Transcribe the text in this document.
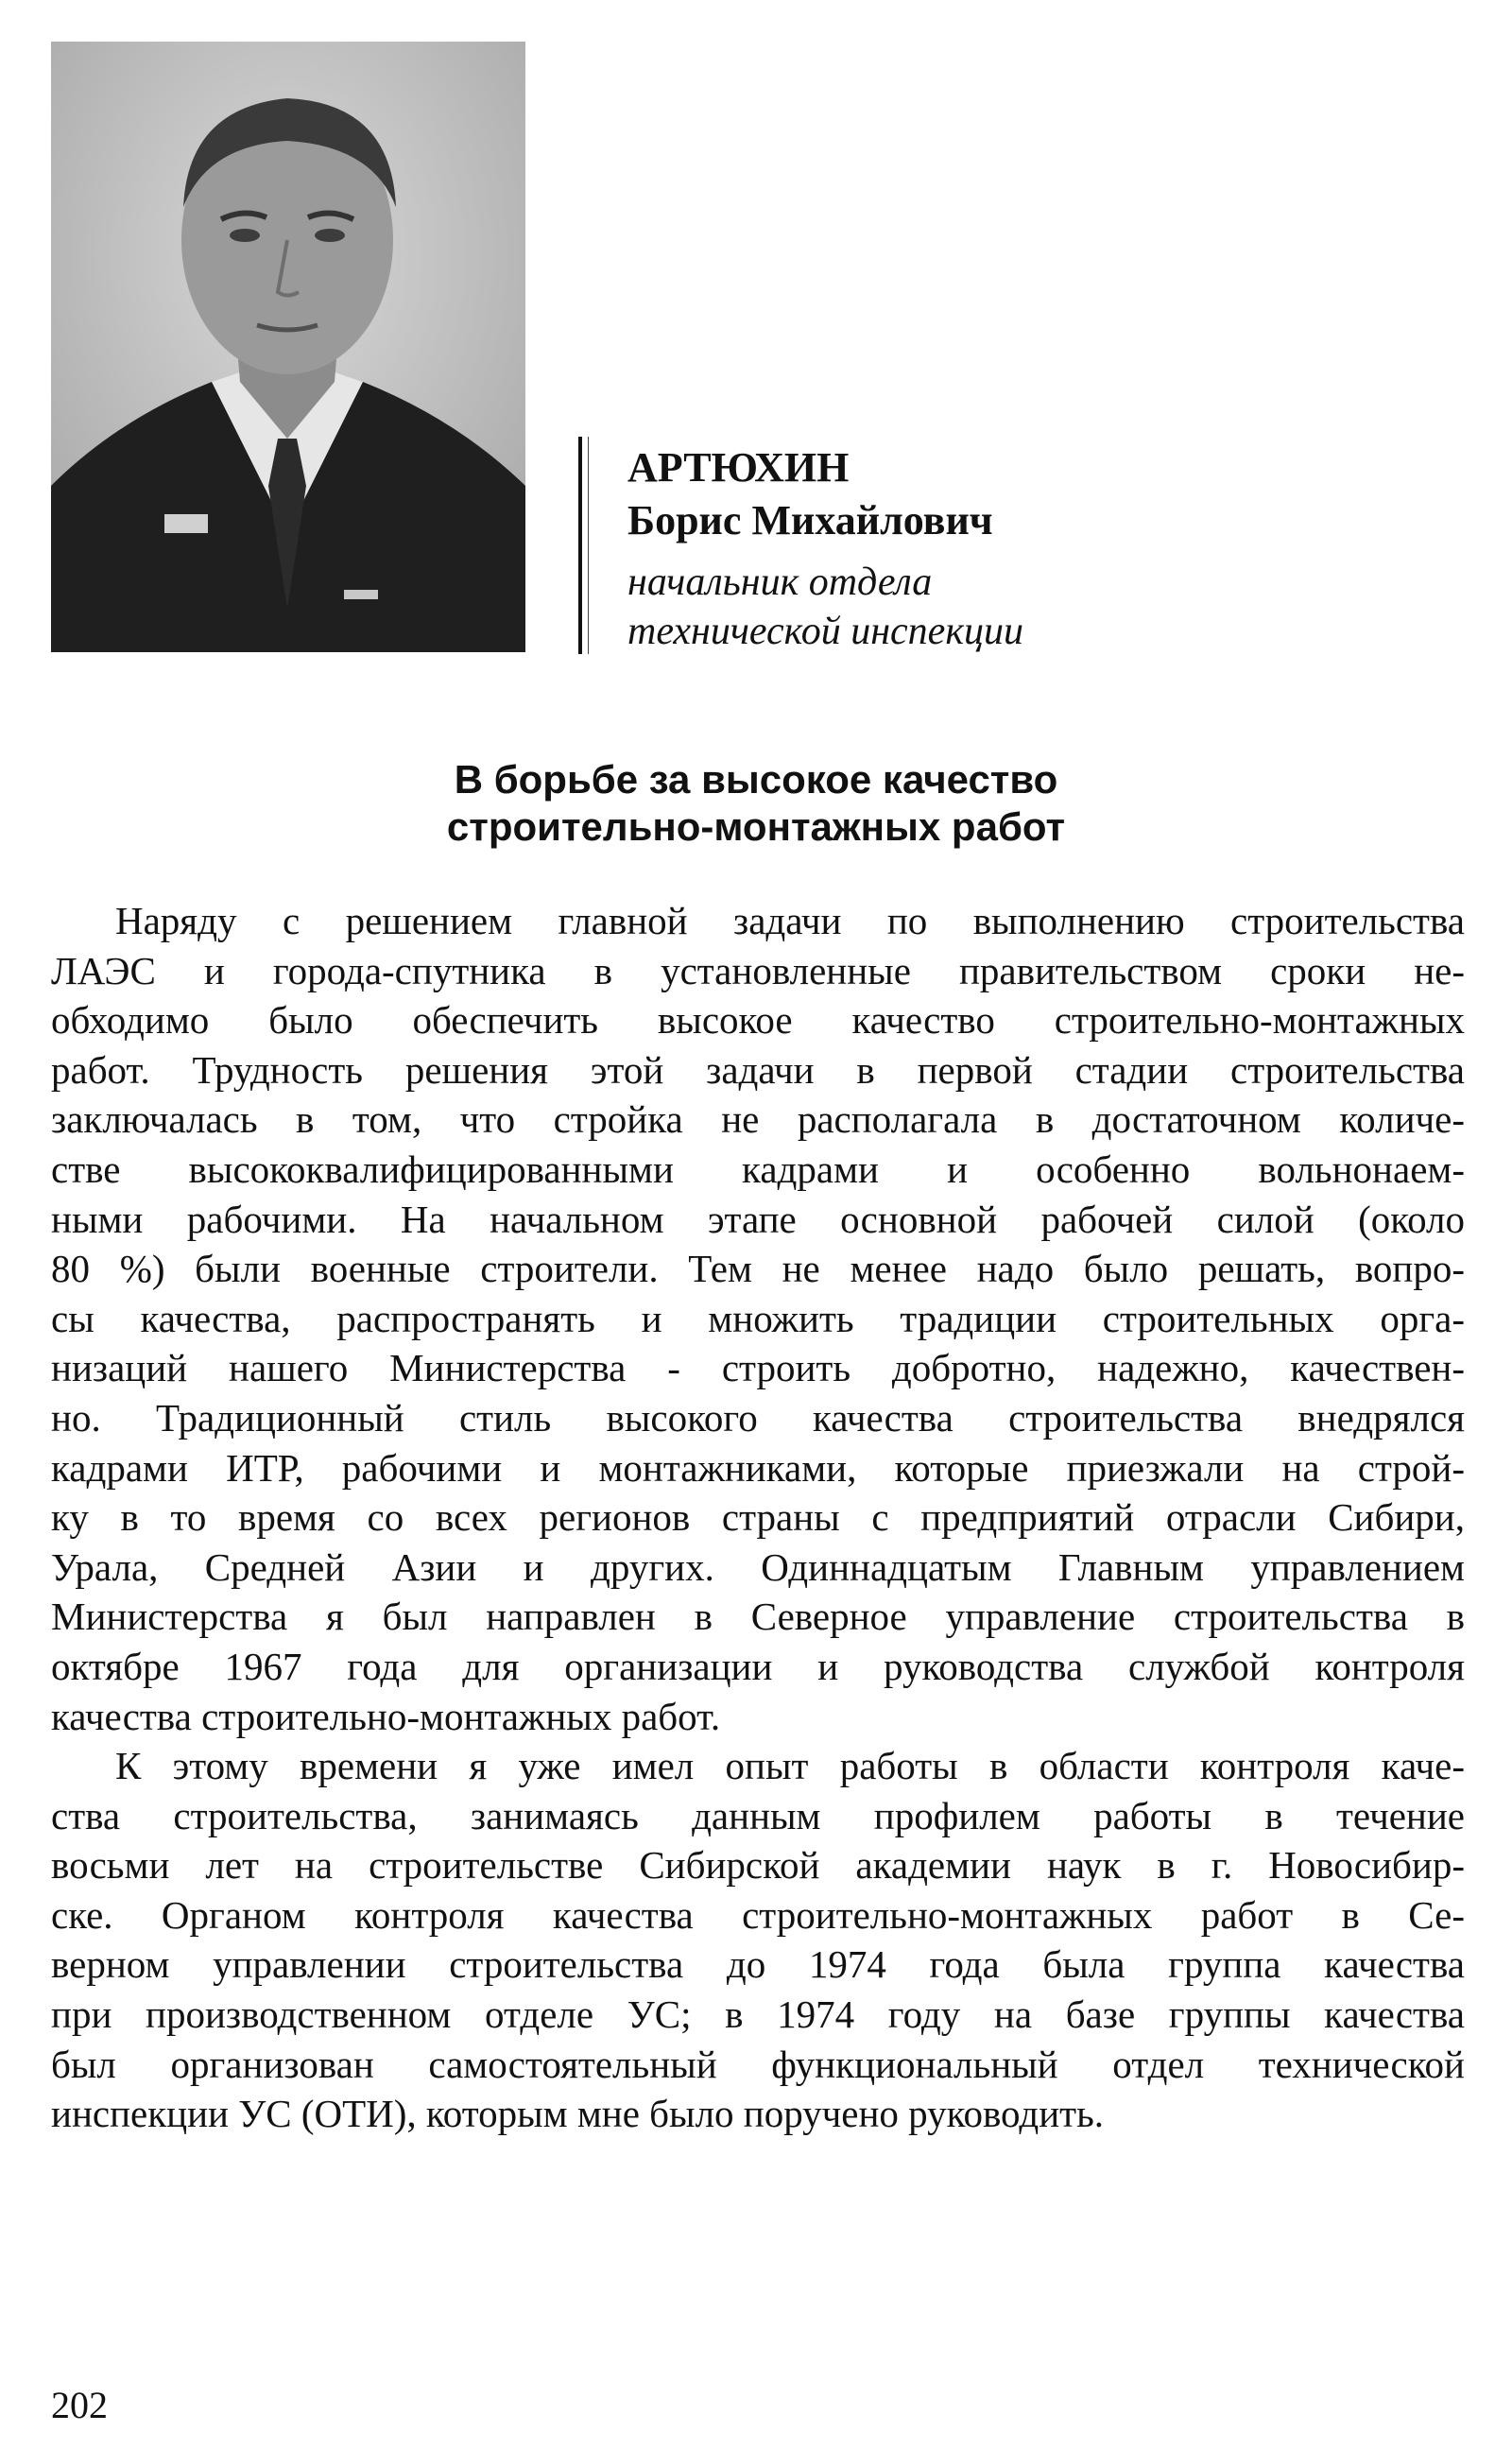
АРТЮХИН
Борис Михайлович
начальник отдела
технической инспекции
В борьбе за высокое качество
строительно-монтажных работ
Наряду с решением главной задачи по выполнению строительства
ЛАЭС и города-спутника в установленные правительством сроки не-
обходимо было обеспечить высокое качество строительно-монтажных
работ. Трудность решения этой задачи в первой стадии строительства
заключалась в том, что стройка не располагала в достаточном количе-
стве высококвалифицированными кадрами и особенно вольнонаем-
ными рабочими. На начальном этапе основной рабочей силой (около
80 %) были военные строители. Тем не менее надо было решать, вопро-
сы качества, распространять и множить традиции строительных орга-
низаций нашего Министерства - строить добротно, надежно, качествен-
но. Традиционный стиль высокого качества строительства внедрялся
кадрами ИТР, рабочими и монтажниками, которые приезжали на строй-
ку в то время со всех регионов страны с предприятий отрасли Сибири,
Урала, Средней Азии и других. Одиннадцатым Главным управлением
Министерства я был направлен в Северное управление строительства в
октябре 1967 года для организации и руководства службой контроля
качества строительно-монтажных работ.
К этому времени я уже имел опыт работы в области контроля каче-
ства строительства, занимаясь данным профилем работы в течение
восьми лет на строительстве Сибирской академии наук в г. Новосибир-
ске. Органом контроля качества строительно-монтажных работ в Се-
верном управлении строительства до 1974 года была группа качества
при производственном отделе УС; в 1974 году на базе группы качества
был организован самостоятельный функциональный отдел технической
инспекции УС (ОТИ), которым мне было поручено руководить.
202
